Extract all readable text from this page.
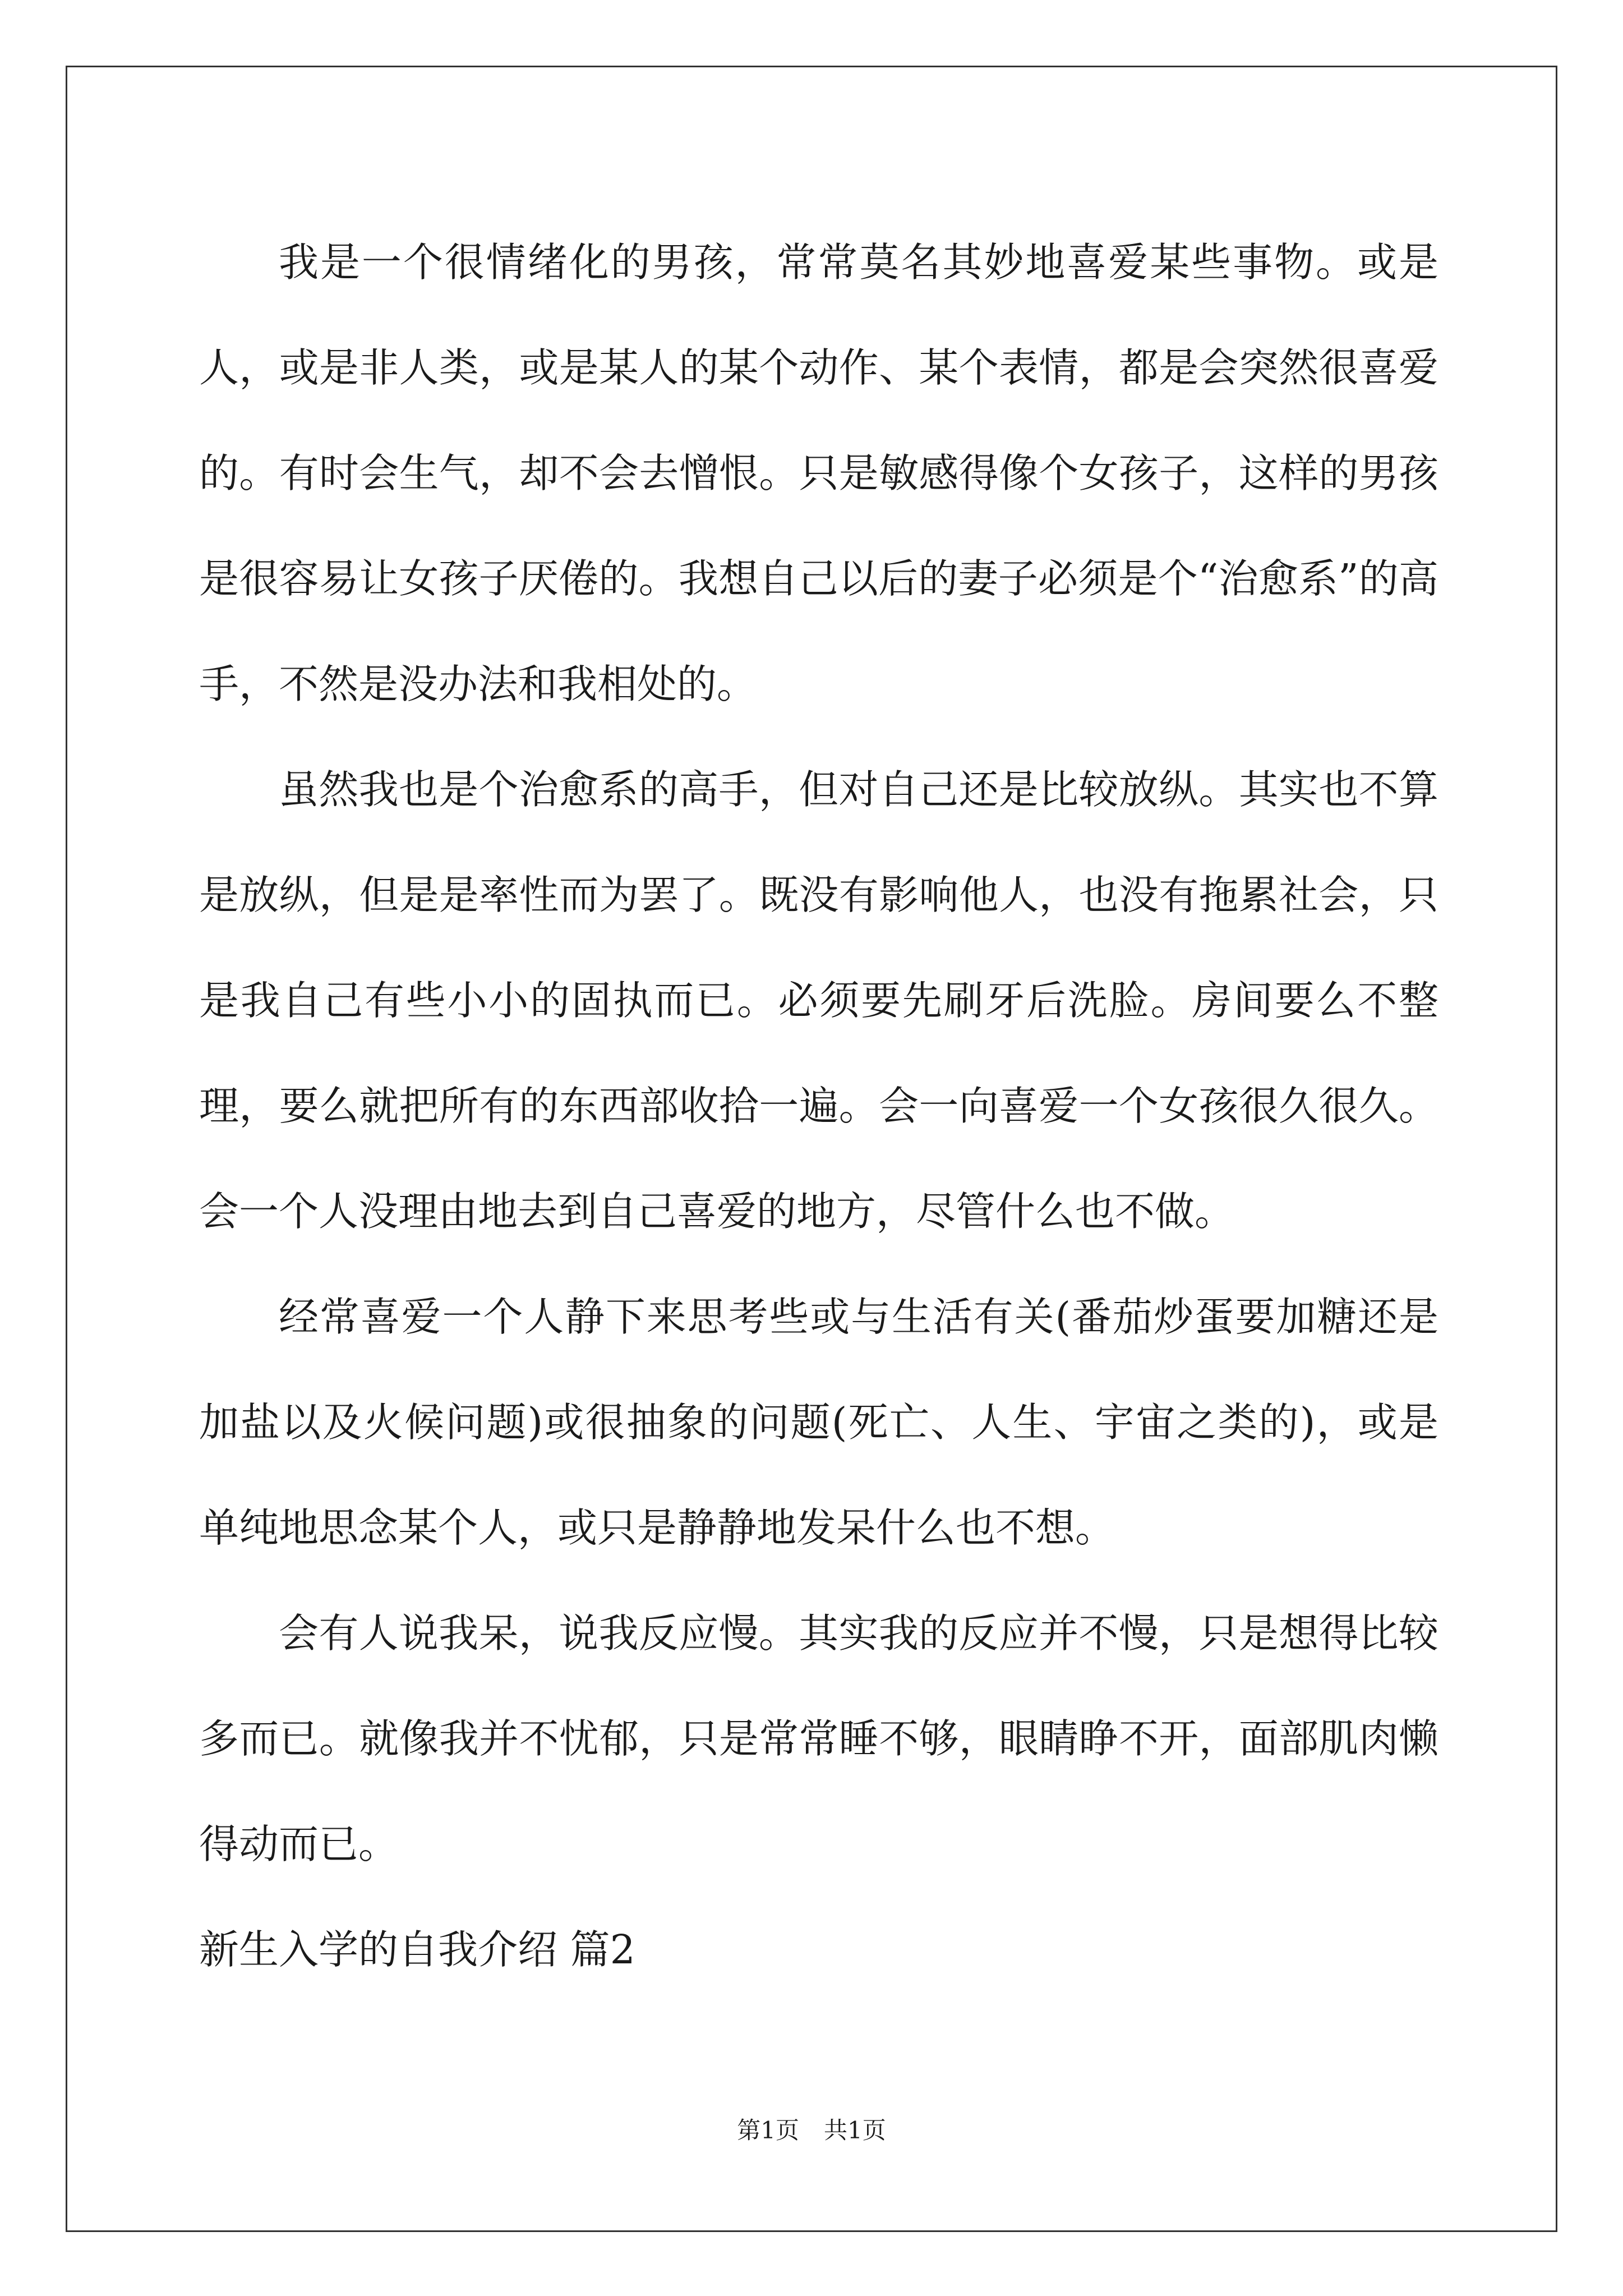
我是一个很情绪化的男孩，常常莫名其妙地喜爱某些事物。或是人，或是非人类，或是某人的某个动作、某个表情，都是会突然很喜爱的。有时会生气，却不会去憎恨。只是敏感得像个女孩子，这样的男孩是很容易让女孩子厌倦的。我想自己以后的妻子必须是个“治愈系”的高手，不然是没办法和我相处的。

虽然我也是个治愈系的高手，但对自己还是比较放纵。其实也不算是放纵，但是是率性而为罢了。既没有影响他人，也没有拖累社会，只是我自己有些小小的固执而已。必须要先刷牙后洗脸。房间要么不整理，要么就把所有的东西部收拾一遍。会一向喜爱一个女孩很久很久。会一个人没理由地去到自己喜爱的地方，尽管什么也不做。

经常喜爱一个人静下来思考些或与生活有关(番茄炒蛋要加糖还是加盐以及火候问题)或很抽象的问题(死亡、人生、宇宙之类的)，或是单纯地思念某个人，或只是静静地发呆什么也不想。

会有人说我呆，说我反应慢。其实我的反应并不慢，只是想得比较多而已。就像我并不忧郁，只是常常睡不够，眼睛睁不开，面部肌肉懒得动而已。

新生入学的自我介绍 篇2

第1页 共1页
